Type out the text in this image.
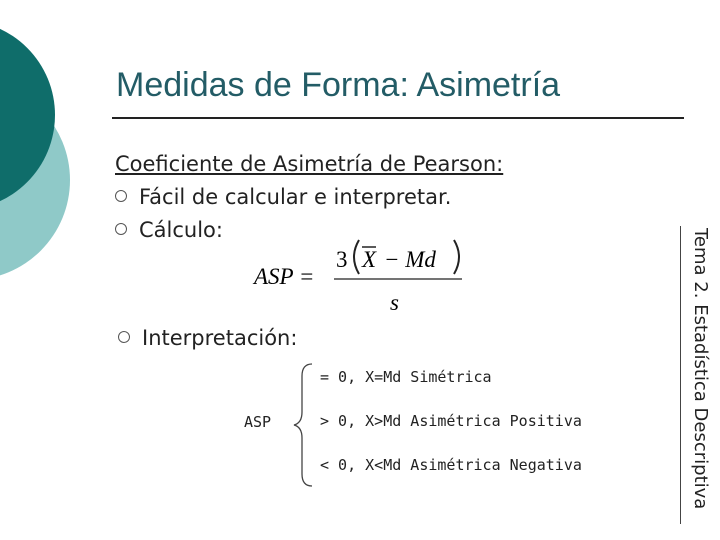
Medidas de Forma: Asimetría
Coeficiente de Asimetría de Pearson:
Fácil de calcular e interpretar.
Cálculo:
ASP =
3 X − Md
s
Interpretación:
ASP
= 0, X=Md Simétrica
> 0, X>Md Asimétrica Positiva
< 0, X<Md Asimétrica Negativa	Tema 2. Estadística Descriptiva
